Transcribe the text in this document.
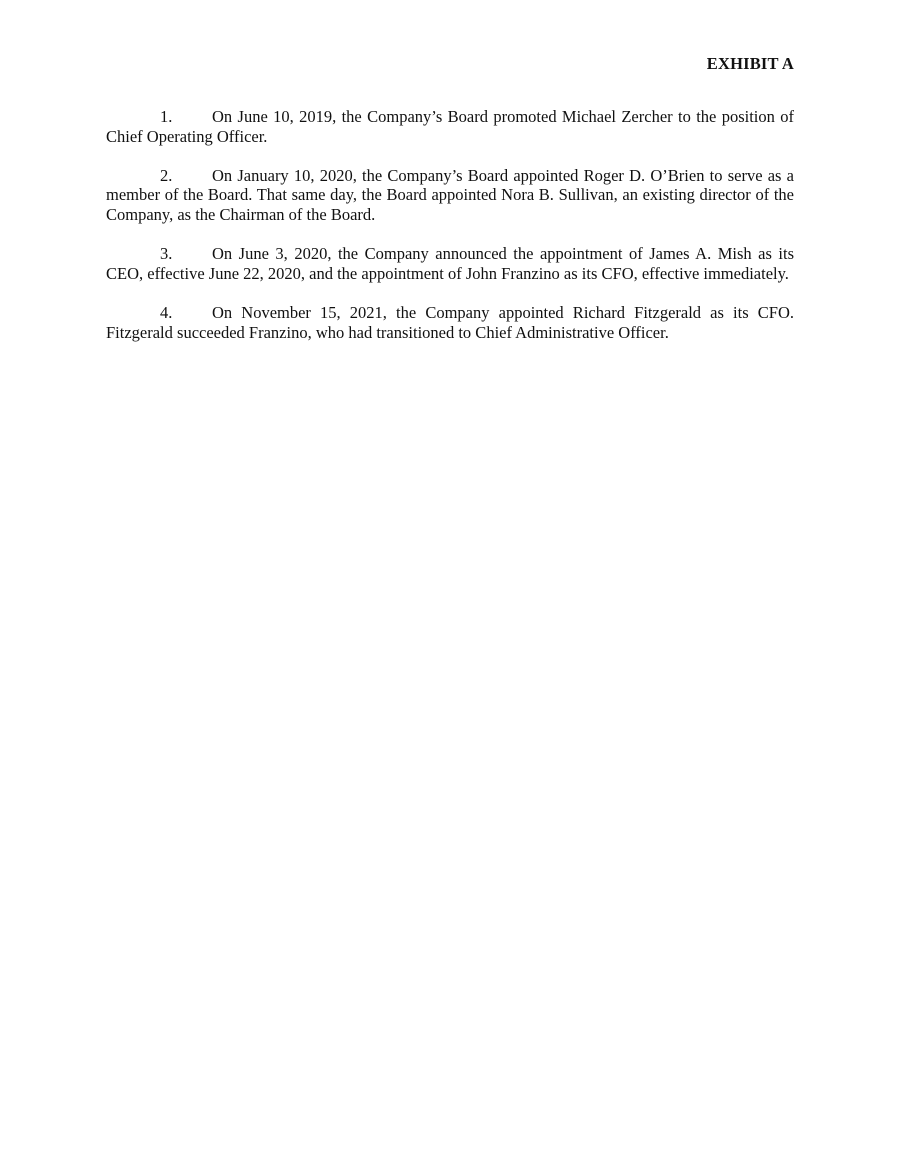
EXHIBIT A

1. On June 10, 2019, the Company’s Board promoted Michael Zercher to the position of Chief Operating Officer.

2. On January 10, 2020, the Company’s Board appointed Roger D. O’Brien to serve as a member of the Board. That same day, the Board appointed Nora B. Sullivan, an existing director of the Company, as the Chairman of the Board.

3. On June 3, 2020, the Company announced the appointment of James A. Mish as its CEO, effective June 22, 2020, and the appointment of John Franzino as its CFO, effective immediately.

4. On November 15, 2021, the Company appointed Richard Fitzgerald as its CFO. Fitzgerald succeeded Franzino, who had transitioned to Chief Administrative Officer.
